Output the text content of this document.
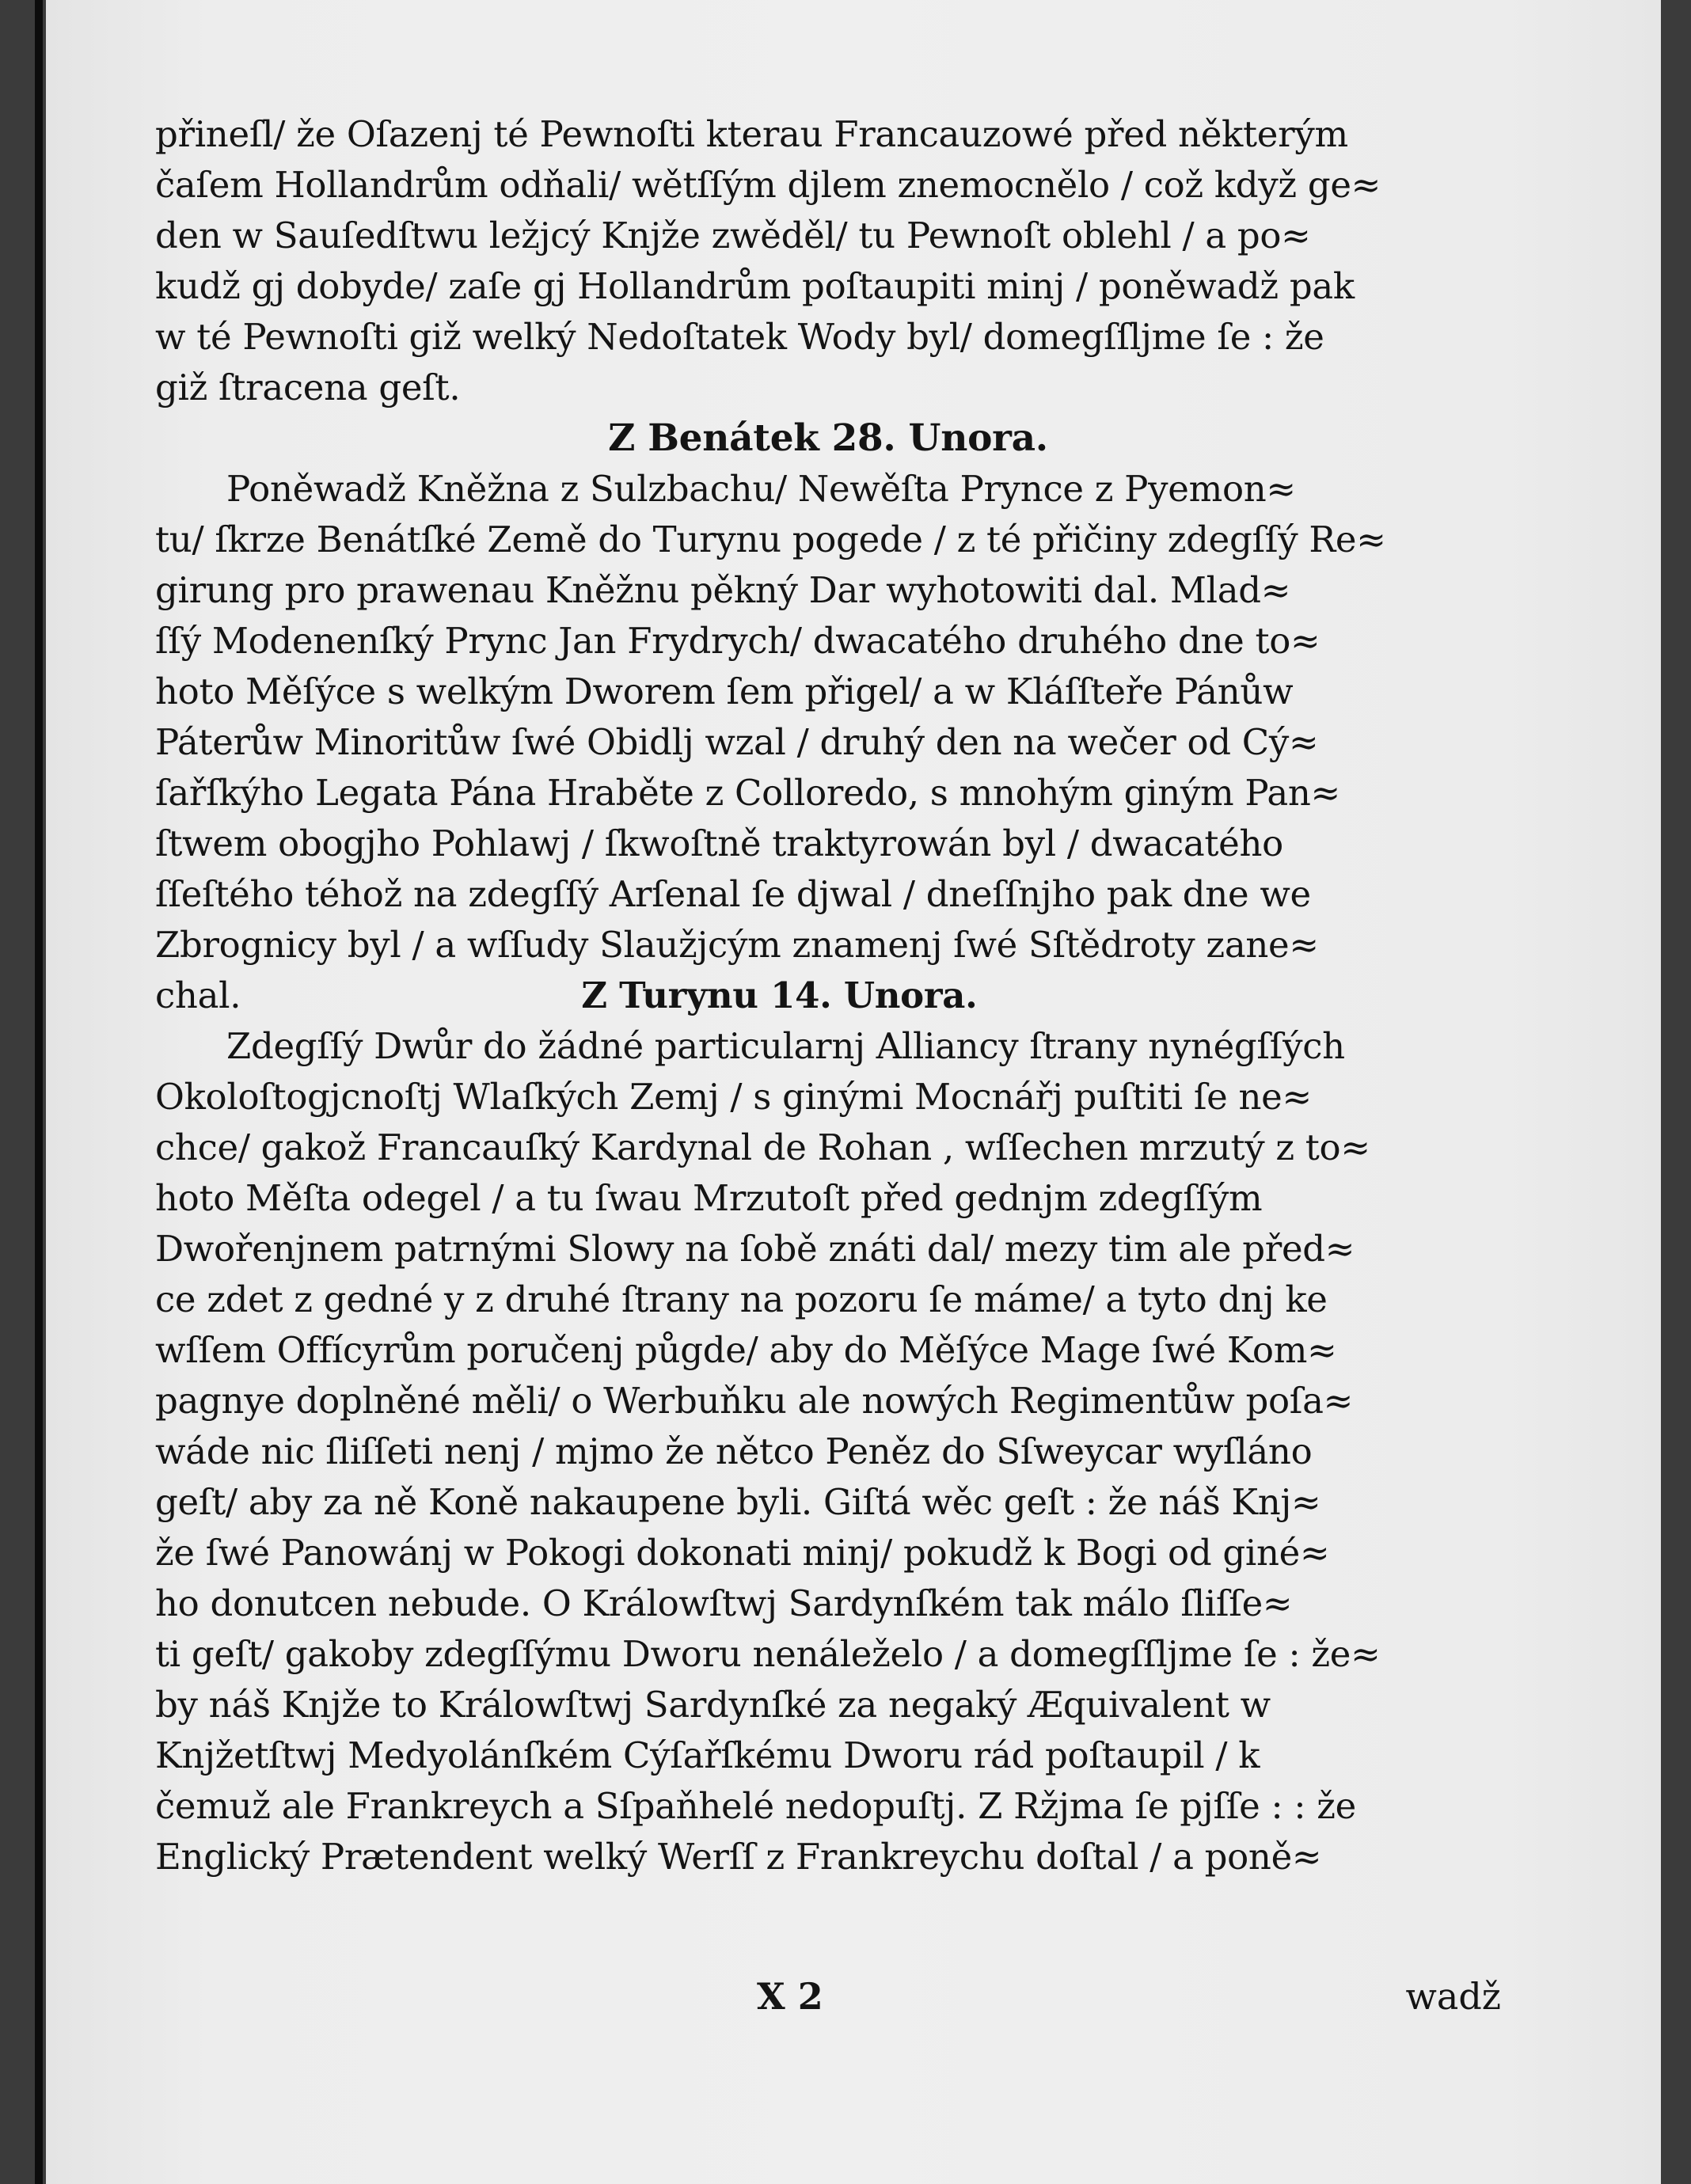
přineſl/ že Oſazenj té Pewnoſti kterau Francauzowé před některým
čaſem Hollandrům odňali/ wětſſým djlem znemocnělo / což když ge≈
den w Sauſedſtwu ležjcý Knjže zwěděl/ tu Pewnoſt oblehl / a po≈
kudž gj dobyde/ zaſe gj Hollandrům poſtaupiti minj / poněwadž pak
w té Pewnoſti giž welký Nedoſtatek Wody byl/ domegſſljme ſe : že
giž ſtracena geſt.
Z Benátek 28. Unora.
Poněwadž Kněžna z Sulzbachu/ Newěſta Prynce z Pyemon≈
tu/ ſkrze Benátſké Země do Turynu pogede / z té přičiny zdegſſý Re≈
girung pro prawenau Kněžnu pěkný Dar wyhotowiti dal. Mlad≈
ſſý Modenenſký Prync Jan Frydrych/ dwacatého druhého dne to≈
hoto Měſýce s welkým Dworem ſem přigel/ a w Kláſſteře Pánůw
Páterůw Minoritůw ſwé Obidlj wzal / druhý den na wečer od Cý≈
ſařſkýho Legata Pána Hraběte z Colloredo, s mnohým giným Pan≈
ſtwem obogjho Pohlawj / ſkwoſtně traktyrowán byl / dwacatého
ſſeſtého téhož na zdegſſý Arſenal ſe djwal / dneſſnjho pak dne we
Zbrognicy byl / a wſſudy Slaužjcým znamenj ſwé Sſtědroty zane≈
chal.	Z Turynu 14. Unora.
Zdegſſý Dwůr do žádné particularnj Alliancy ſtrany nynégſſých
Okoloſtogjcnoſtj Wlaſkých Zemj / s ginými Mocnářj puſtiti ſe ne≈
chce/ gakož Francauſký Kardynal de Rohan , wſſechen mrzutý z to≈
hoto Měſta odegel / a tu ſwau Mrzutoſt před gednjm zdegſſým
Dwořenjnem patrnými Slowy na ſobě znáti dal/ mezy tim ale před≈
ce zdet z gedné y z druhé ſtrany na pozoru ſe máme/ a tyto dnj ke
wſſem Offícyrům poručenj půgde/ aby do Měſýce Mage ſwé Kom≈
pagnye doplněné měli/ o Werbuňku ale nowých Regimentůw poſa≈
wáde nic ſliſſeti nenj / mjmo že nětco Peněz do Sſweycar wyſláno
geſt/ aby za ně Koně nakaupene byli. Giſtá wěc geſt : že náš Knj≈
že ſwé Panowánj w Pokogi dokonati minj/ pokudž k Bogi od giné≈
ho donutcen nebude. O Králowſtwj Sardynſkém tak málo ſliſſe≈
ti geſt/ gakoby zdegſſýmu Dworu nenáleželo / a domegſſljme ſe : že≈
by náš Knjže to Králowſtwj Sardynſké za negaký Æquivalent w
Knjžetſtwj Medyolánſkém Cýſařſkému Dworu rád poſtaupil / k
čemuž ale Frankreych a Sſpaňhelé nedopuſtj. Z Ržjma ſe pjſſe : : že
Englický Prætendent welký Werſſ z Frankreychu doſtal / a poně≈
X 2	wadž
